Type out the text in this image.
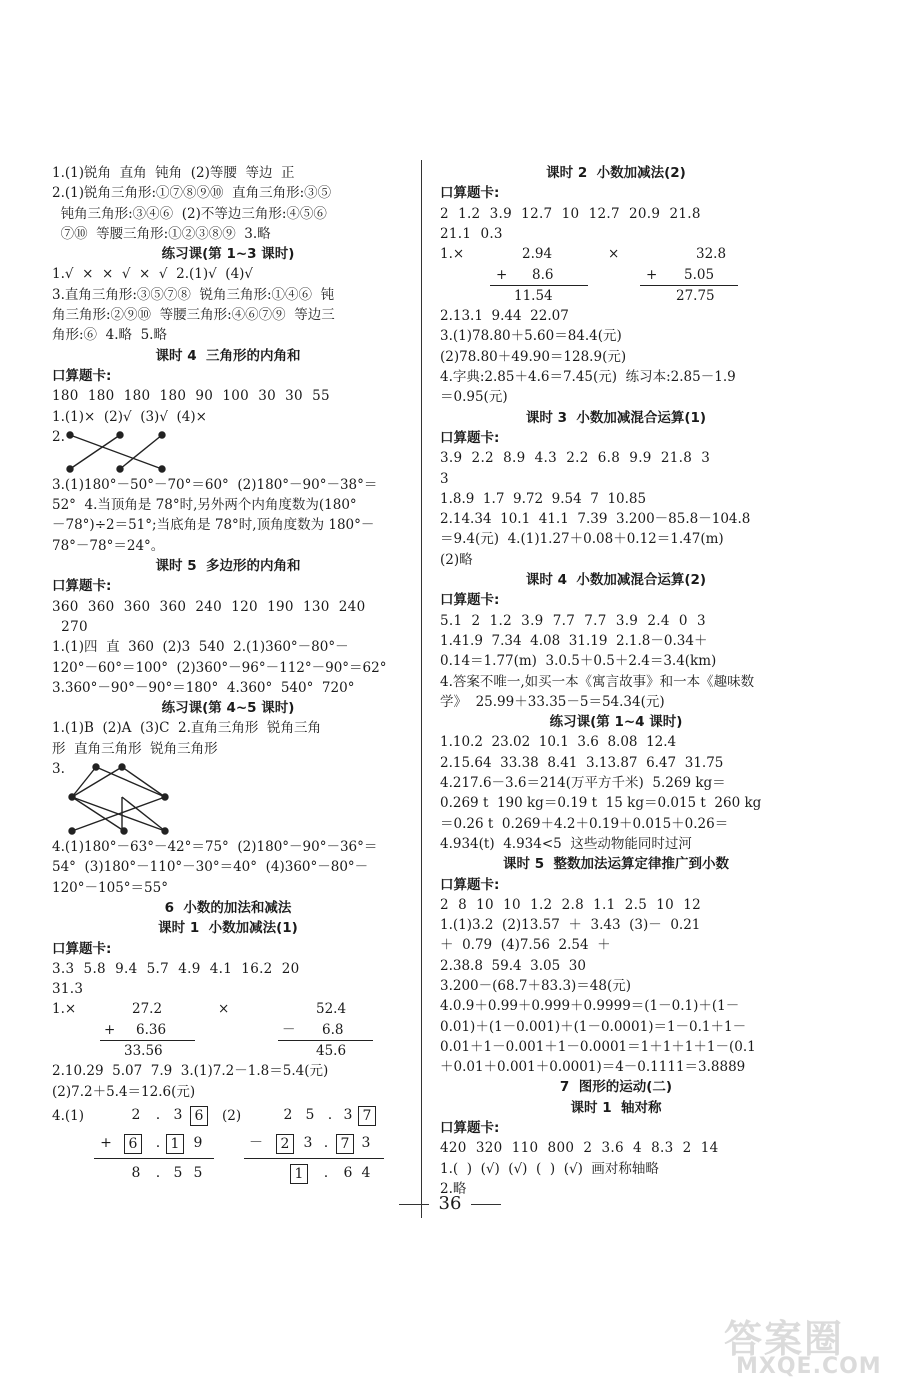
1.(1)锐角  直角  钝角  (2)等腰  等边  正
2.(1)锐角三角形:①⑦⑧⑨⑩  直角三角形:③⑤
钝角三角形:③④⑥  (2)不等边三角形:④⑤⑥
⑦⑩  等腰三角形:①②③⑧⑨  3.略
练习课(第 1~3 课时)
1.√  ×  ×  √  ×  √  2.(1)√  (4)√
3.直角三角形:③⑤⑦⑧  锐角三角形:①④⑥  钝
角三角形:②⑨⑩  等腰三角形:④⑥⑦⑨  等边三
角形:⑥  4.略  5.略
课时 4  三角形的内角和
口算题卡:
180  180  180  180  90  100  30  30  55
1.(1)×  (2)√  (3)√  (4)×
2.
3.(1)180°－50°－70°＝60°  (2)180°－90°－38°＝
52°  4.当顶角是 78°时,另外两个内角度数为(180°
－78°)÷2＝51°;当底角是 78°时,顶角度数为 180°－
78°－78°＝24°。
课时 5  多边形的内角和
口算题卡:
360  360  360  360  240  120  190  130  240
270
1.(1)四  直  360  (2)3  540  2.(1)360°－80°－
120°－60°＝100°  (2)360°－96°－112°－90°＝62°
3.360°－90°－90°＝180°  4.360°  540°  720°
练习课(第 4~5 课时)
1.(1)B  (2)A  (3)C  2.直角三角形  锐角三角
形  直角三角形  锐角三角形
3.
4.(1)180°－63°－42°＝75°  (2)180°－90°－36°＝
54°  (3)180°－110°－30°＝40°  (4)360°－80°－
120°－105°＝55°
6  小数的加法和减法
课时 1  小数加减法(1)
口算题卡:
3.3  5.8  9.4  5.7  4.9  4.1  16.2  20
31.3
1.×	27.2
+ 6.36
33.56
×	52.4
－ 6.8
45.6
2.10.29  5.07  7.9  3.(1)7.2－1.8＝5.4(元)
(2)7.2＋5.4＝12.6(元)
4.(1)	(2)
2	. 3 6
+	6	. 1	9
8	. 5 5
2 5 . 3 7
－	2	3 . 7 3
1	.	6 4
课时 2  小数加减法(2)
口算题卡:
2  1.2  3.9  12.7  10  12.7  20.9  21.8
21.1  0.3
1.×	2.94
+ 8.6
11.54
×	32.8
+ 5.05
27.75
2.13.1  9.44  22.07
3.(1)78.80＋5.60＝84.4(元)
(2)78.80＋49.90＝128.9(元)
4.字典:2.85＋4.6＝7.45(元)  练习本:2.85－1.9
＝0.95(元)
课时 3  小数加减混合运算(1)
口算题卡:
3.9  2.2  8.9  4.3  2.2  6.8  9.9  21.8  3
3
1.8.9  1.7  9.72  9.54  7  10.85
2.14.34  10.1  41.1  7.39  3.200－85.8－104.8
＝9.4(元)  4.(1)1.27＋0.08＋0.12＝1.47(m)
(2)略
课时 4  小数加减混合运算(2)
口算题卡:
5.1  2  1.2  3.9  7.7  7.7  3.9  2.4  0  3
1.41.9  7.34  4.08  31.19  2.1.8－0.34＋
0.14＝1.77(m)  3.0.5＋0.5＋2.4＝3.4(km)
4.答案不唯一,如买一本《寓言故事》和一本《趣味数
学》  25.99＋33.35－5＝54.34(元)
练习课(第 1~4 课时)
1.10.2  23.02  10.1  3.6  8.08  12.4
2.15.64  33.38  8.41  3.13.87  6.47  31.75
4.217.6－3.6＝214(万平方千米)  5.269 kg＝
0.269 t  190 kg＝0.19 t  15 kg＝0.015 t  260 kg
＝0.26 t  0.269＋4.2＋0.19＋0.015＋0.26＝
4.934(t)  4.934<5  这些动物能同时过河
课时 5  整数加法运算定律推广到小数
口算题卡:
2  8  10  10  1.2  2.8  1.1  2.5  10  12
1.(1)3.2  (2)13.57  ＋  3.43  (3)－  0.21
＋  0.79  (4)7.56  2.54  ＋
2.38.8  59.4  3.05  30
3.200－(68.7＋83.3)＝48(元)
4.0.9＋0.99＋0.999＋0.9999＝(1－0.1)＋(1－
0.01)＋(1－0.001)＋(1－0.0001)＝1－0.1＋1－
0.01＋1－0.001＋1－0.0001＝1＋1＋1＋1－(0.1
＋0.01＋0.001＋0.0001)＝4－0.1111＝3.8889
7  图形的运动(二)
课时 1  轴对称
口算题卡:
420  320  110  800  2  3.6  4  8.3  2  14
1.(  )  (√)  (√)  (  )  (√)  画对称轴略
2.略
36
答案圈
MXQE.COM
